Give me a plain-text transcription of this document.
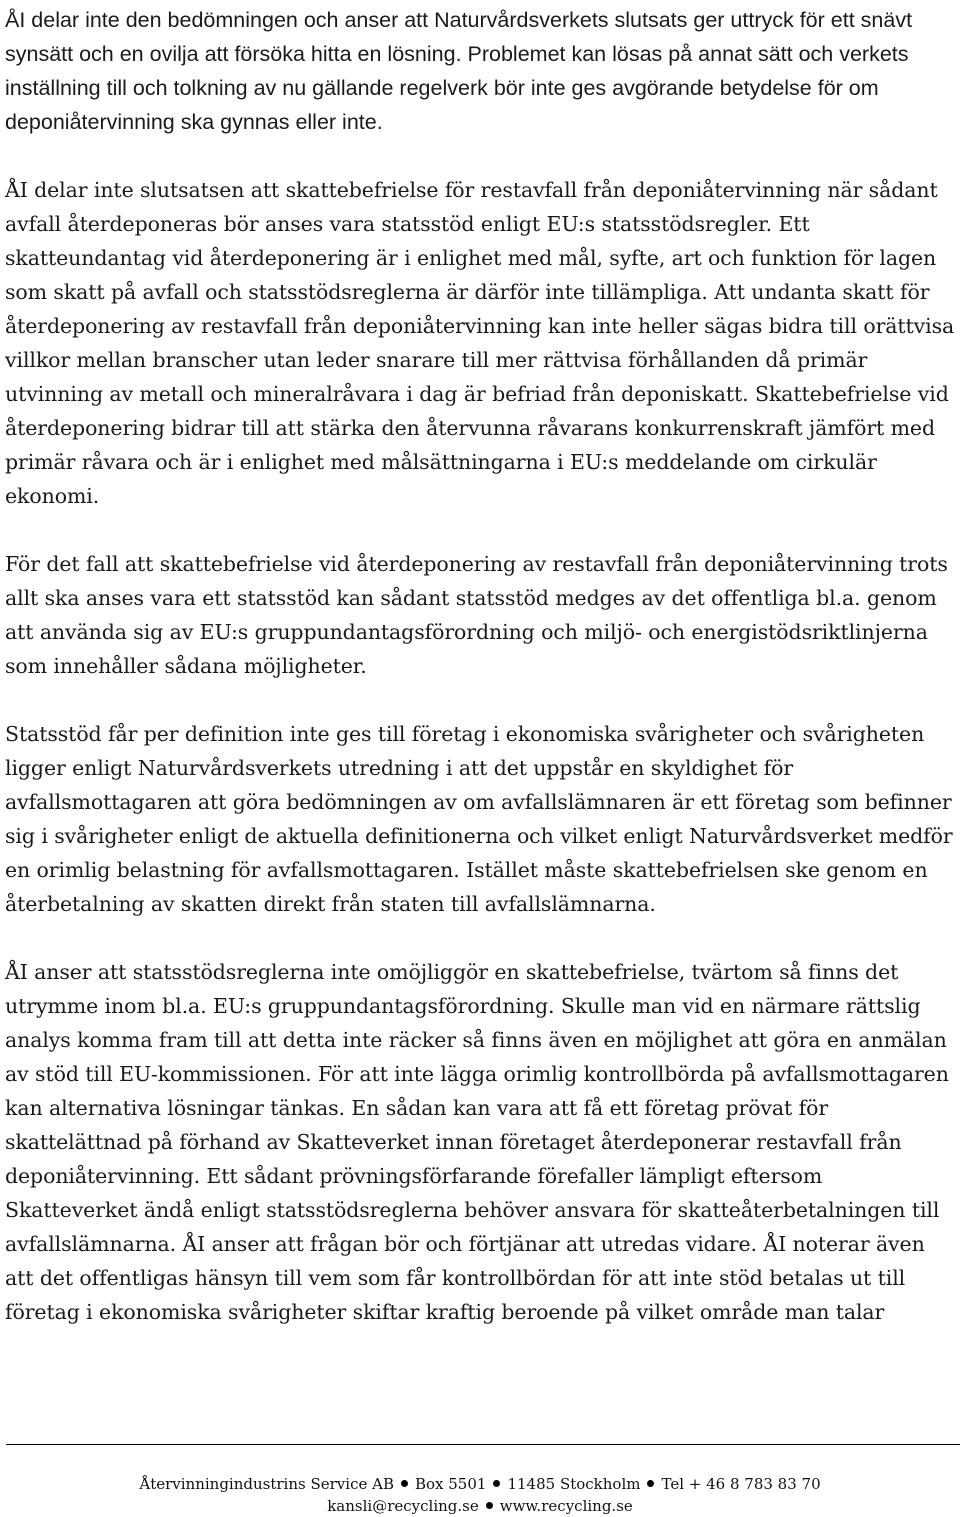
ÅI delar inte den bedömningen och anser att Naturvårdsverkets slutsats ger uttryck för ett snävt synsätt och en ovilja att försöka hitta en lösning. Problemet kan lösas på annat sätt och verkets inställning till och tolkning av nu gällande regelverk bör inte ges avgörande betydelse för om deponiåtervinning ska gynnas eller inte.

ÅI delar inte slutsatsen att skattebefrielse för restavfall från deponiåtervinning när sådant avfall återdeponeras bör anses vara statsstöd enligt EU:s statsstödsregler. Ett skatteundantag vid återdeponering är i enlighet med mål, syfte, art och funktion för lagen som skatt på avfall och statsstödsreglerna är därför inte tillämpliga. Att undanta skatt för återdeponering av restavfall från deponiåtervinning kan inte heller sägas bidra till orättvisa villkor mellan branscher utan leder snarare till mer rättvisa förhållanden då primär utvinning av metall och mineralråvara i dag är befriad från deponiskatt. Skattebefrielse vid återdeponering bidrar till att stärka den återvunna råvarans konkurrenskraft jämfört med primär råvara och är i enlighet med målsättningarna i EU:s meddelande om cirkulär ekonomi.

För det fall att skattebefrielse vid återdeponering av restavfall från deponiåtervinning trots allt ska anses vara ett statsstöd kan sådant statsstöd medges av det offentliga bl.a. genom att använda sig av EU:s gruppundantagsförordning och miljö- och energistödsriktlinjerna som innehåller sådana möjligheter.

Statsstöd får per definition inte ges till företag i ekonomiska svårigheter och svårigheten ligger enligt Naturvårdsverkets utredning i att det uppstår en skyldighet för avfallsmottagaren att göra bedömningen av om avfallslämnaren är ett företag som befinner sig i svårigheter enligt de aktuella definitionerna och vilket enligt Naturvårdsverket medför en orimlig belastning för avfallsmottagaren. Istället måste skattebefrielsen ske genom en återbetalning av skatten direkt från staten till avfallslämnarna.

ÅI anser att statsstödsreglerna inte omöjliggör en skattebefrielse, tvärtom så finns det utrymme inom bl.a. EU:s gruppundantagsförordning. Skulle man vid en närmare rättslig analys komma fram till att detta inte räcker så finns även en möjlighet att göra en anmälan av stöd till EU-kommissionen. För att inte lägga orimlig kontrollbörda på avfallsmottagaren kan alternativa lösningar tänkas. En sådan kan vara att få ett företag prövat för skattelättnad på förhand av Skatteverket innan företaget återdeponerar restavfall från deponiåtervinning. Ett sådant prövningsförfarande förefaller lämpligt eftersom Skatteverket ändå enligt statsstödsreglerna behöver ansvara för skatteåterbetalningen till avfallslämnarna. ÅI anser att frågan bör och förtjänar att utredas vidare. ÅI noterar även att det offentligas hänsyn till vem som får kontrollbördan för att inte stöd betalas ut till företag i ekonomiska svårigheter skiftar kraftig beroende på vilket område man talar

Återvinningindustrins Service AB Box 5501 11485 Stockholm Tel + 46 8 783 83 70
kansli@recycling.se www.recycling.se
